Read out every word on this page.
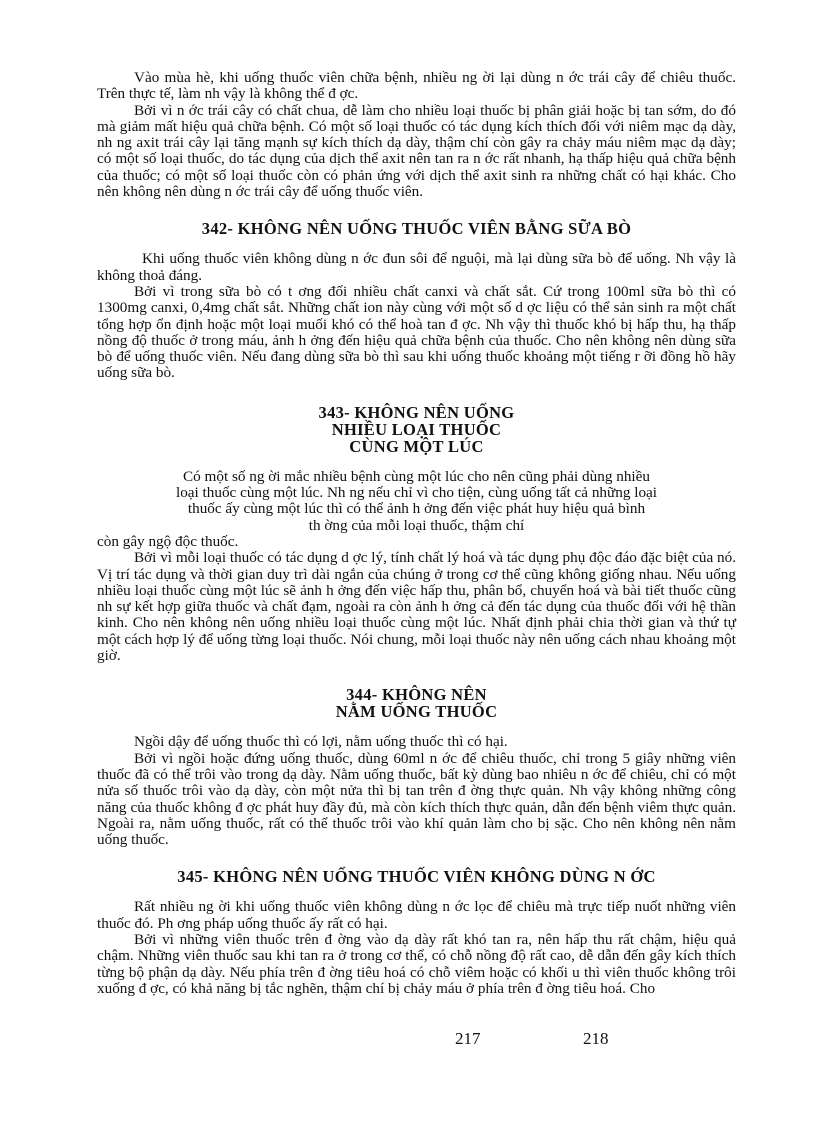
Vào mùa hè, khi uống thuốc viên chữa bệnh, nhiều ng ời lại dùng n ớc trái cây để chiêu thuốc. Trên thực tế, làm nh vậy là không thể đ ợc.

Bởi vì n ớc trái cây có chất chua, dễ làm cho nhiều loại thuốc bị phân giải hoặc bị tan sớm, do đó mà giảm mất hiệu quả chữa bệnh. Có một số loại thuốc có tác dụng kích thích đối với niêm mạc dạ dày, nh ng axit trái cây lại tăng mạnh sự kích thích dạ dày, thậm chí còn gây ra chảy máu niêm mạc dạ dày; có một số loại thuốc, do tác dụng của dịch thể axit nên tan ra n ớc rất nhanh, hạ thấp hiệu quả chữa bệnh của thuốc; có một số loại thuốc còn có phản ứng với dịch thể axit sinh ra những chất có hại khác. Cho nên không nên dùng n ớc trái cây để uống thuốc viên.

342- KHÔNG NÊN UỐNG THUỐC VIÊN BẰNG SỮA BÒ

Khi uống thuốc viên không dùng n ớc đun sôi để nguội, mà lại dùng sữa bò để uống. Nh vậy là không thoả đáng.

Bởi vì trong sữa bò có t ơng đối nhiều chất canxi và chất sắt. Cứ trong 100ml sữa bò thì có 1300mg canxi, 0,4mg chất sắt. Những chất ion này cùng với một số d ợc liệu có thể sản sinh ra một chất tổng hợp ổn định hoặc một loại muối khó có thể hoà tan đ ợc. Nh vậy thì thuốc khó bị hấp thu, hạ thấp nồng độ thuốc ở trong máu, ảnh h ởng đến hiệu quả chữa bệnh của thuốc. Cho nên không nên dùng sữa bò để uống thuốc viên. Nếu đang dùng sữa bò thì sau khi uống thuốc khoảng một tiếng r ỡi đồng hồ hãy uống sữa bò.

343- KHÔNG NÊN UỐNG
NHIỀU LOẠI THUỐC
CÙNG MỘT LÚC

Có một số ng ời mắc nhiều bệnh cùng một lúc cho nên cũng phải dùng nhiều

loại thuốc cùng một lúc. Nh ng nếu chỉ vì cho tiện, cùng uống tất cả những loại

thuốc ấy cùng một lúc thì có thể ảnh h ởng đến việc phát huy hiệu quả bình

th ờng của mỗi loại thuốc, thậm chí

còn gây ngộ độc thuốc.

Bởi vì mỗi loại thuốc có tác dụng d ợc lý, tính chất lý hoá và tác dụng phụ độc đáo đặc biệt của nó. Vị trí tác dụng và thời gian duy trì dài ngắn của chúng ở trong cơ thể cũng không giống nhau. Nếu uống nhiều loại thuốc cùng một lúc sẽ ảnh h ởng đến việc hấp thu, phân bổ, chuyển hoá và bài tiết thuốc cũng nh sự kết hợp giữa thuốc và chất đạm, ngoài ra còn ảnh h ởng cả đến tác dụng của thuốc đối với hệ thần kinh. Cho nên không nên uống nhiều loại thuốc cùng một lúc. Nhất định phải chia thời gian và thứ tự một cách hợp lý để uống từng loại thuốc. Nói chung, mỗi loại thuốc này nên uống cách nhau khoảng một giờ.

344- KHÔNG NÊN
NẰM UỐNG THUỐC

Ngồi dậy để uống thuốc thì có lợi, nằm uống thuốc thì có hại.

Bởi vì ngồi hoặc đứng uống thuốc, dùng 60ml n ớc để chiêu thuốc, chỉ trong 5 giây những viên thuốc đã có thể trôi vào trong dạ dày. Nằm uống thuốc, bất kỳ dùng bao nhiêu n ớc để chiêu, chỉ có một nửa số thuốc trôi vào dạ dày, còn một nửa thì bị tan trên đ ờng thực quản. Nh vậy không những công năng của thuốc không đ ợc phát huy đầy đủ, mà còn kích thích thực quản, dẫn đến bệnh viêm thực quản. Ngoài ra, nằm uống thuốc, rất có thể thuốc trôi vào khí quản làm cho bị sặc. Cho nên không nên nằm uống thuốc.

345- KHÔNG NÊN UỐNG THUỐC VIÊN KHÔNG DÙNG N ỚC

Rất nhiều ng ời khi uống thuốc viên không dùng n ớc lọc để chiêu mà trực tiếp nuốt những viên thuốc đó. Ph ơng pháp uống thuốc ấy rất có hại.

Bởi vì những viên thuốc trên đ ờng vào dạ dày rất khó tan ra, nên hấp thu rất chậm, hiệu quả chậm. Những viên thuốc sau khi tan ra ở trong cơ thể, có chỗ nồng độ rất cao, dễ dẫn đến gây kích thích từng bộ phận dạ dày. Nếu phía trên đ ờng tiêu hoá có chỗ viêm hoặc có khối u thì viên thuốc không trôi xuống đ ợc, có khả năng bị tắc nghẽn, thậm chí bị chảy máu ở phía trên đ ờng tiêu hoá. Cho

217	218
